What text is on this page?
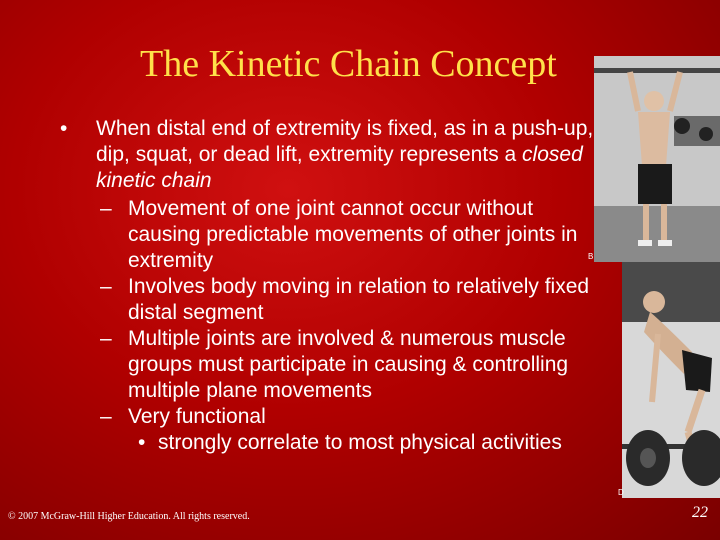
The Kinetic Chain Concept
• When distal end of extremity is fixed, as in a push-up, dip, squat, or dead lift, extremity represents a closed kinetic chain
– Movement of one joint cannot occur without causing predictable movements of other joints in extremity
– Involves body moving in relation to relatively fixed distal segment
– Multiple joints are involved & numerous muscle groups must participate in causing & controlling multiple plane movements
– Very functional
• strongly correlate to most physical activities
B
D
© 2007 McGraw-Hill Higher Education. All rights reserved.	22
